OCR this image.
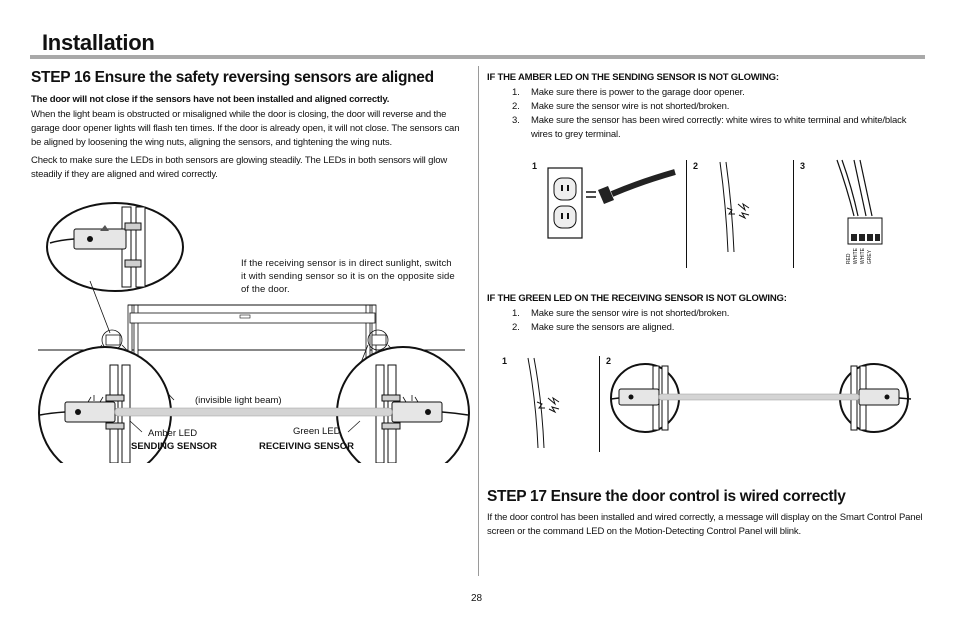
Installation
STEP 16 Ensure the safety reversing sensors are aligned
The door will not close if the sensors have not been installed and aligned correctly.
When the light beam is obstructed or misaligned while the door is closing, the door will reverse and the garage door opener lights will flash ten times. If the door is already open, it will not close. The sensors can be aligned by loosening the wing nuts, aligning the sensors, and tightening the wing nuts.
Check to make sure the LEDs in both sensors are glowing steadily. The LEDs in both sensors will glow steadily if they are aligned and wired correctly.
If the receiving sensor is in direct sunlight, switch it with sending sensor so it is on the opposite side of the door.
(invisible light beam)
Amber LED
SENDING SENSOR
Green LED
RECEIVING SENSOR
IF THE AMBER LED ON THE SENDING SENSOR IS NOT GLOWING:
1. Make sure there is power to the garage door opener.
2. Make sure the sensor wire is not shorted/broken.
3. Make sure the sensor has been wired correctly: white wires to white terminal and white/black wires to grey terminal.
1	2	3
RED WHITE WHITE GREY
IF THE GREEN LED ON THE RECEIVING SENSOR IS NOT GLOWING:
1. Make sure the sensor wire is not shorted/broken.
2. Make sure the sensors are aligned.
1	2
STEP 17 Ensure the door control is wired correctly
If the door control has been installed and wired correctly, a message will display on the Smart Control Panel screen or the command LED on the Motion-Detecting Control Panel will blink.
28
